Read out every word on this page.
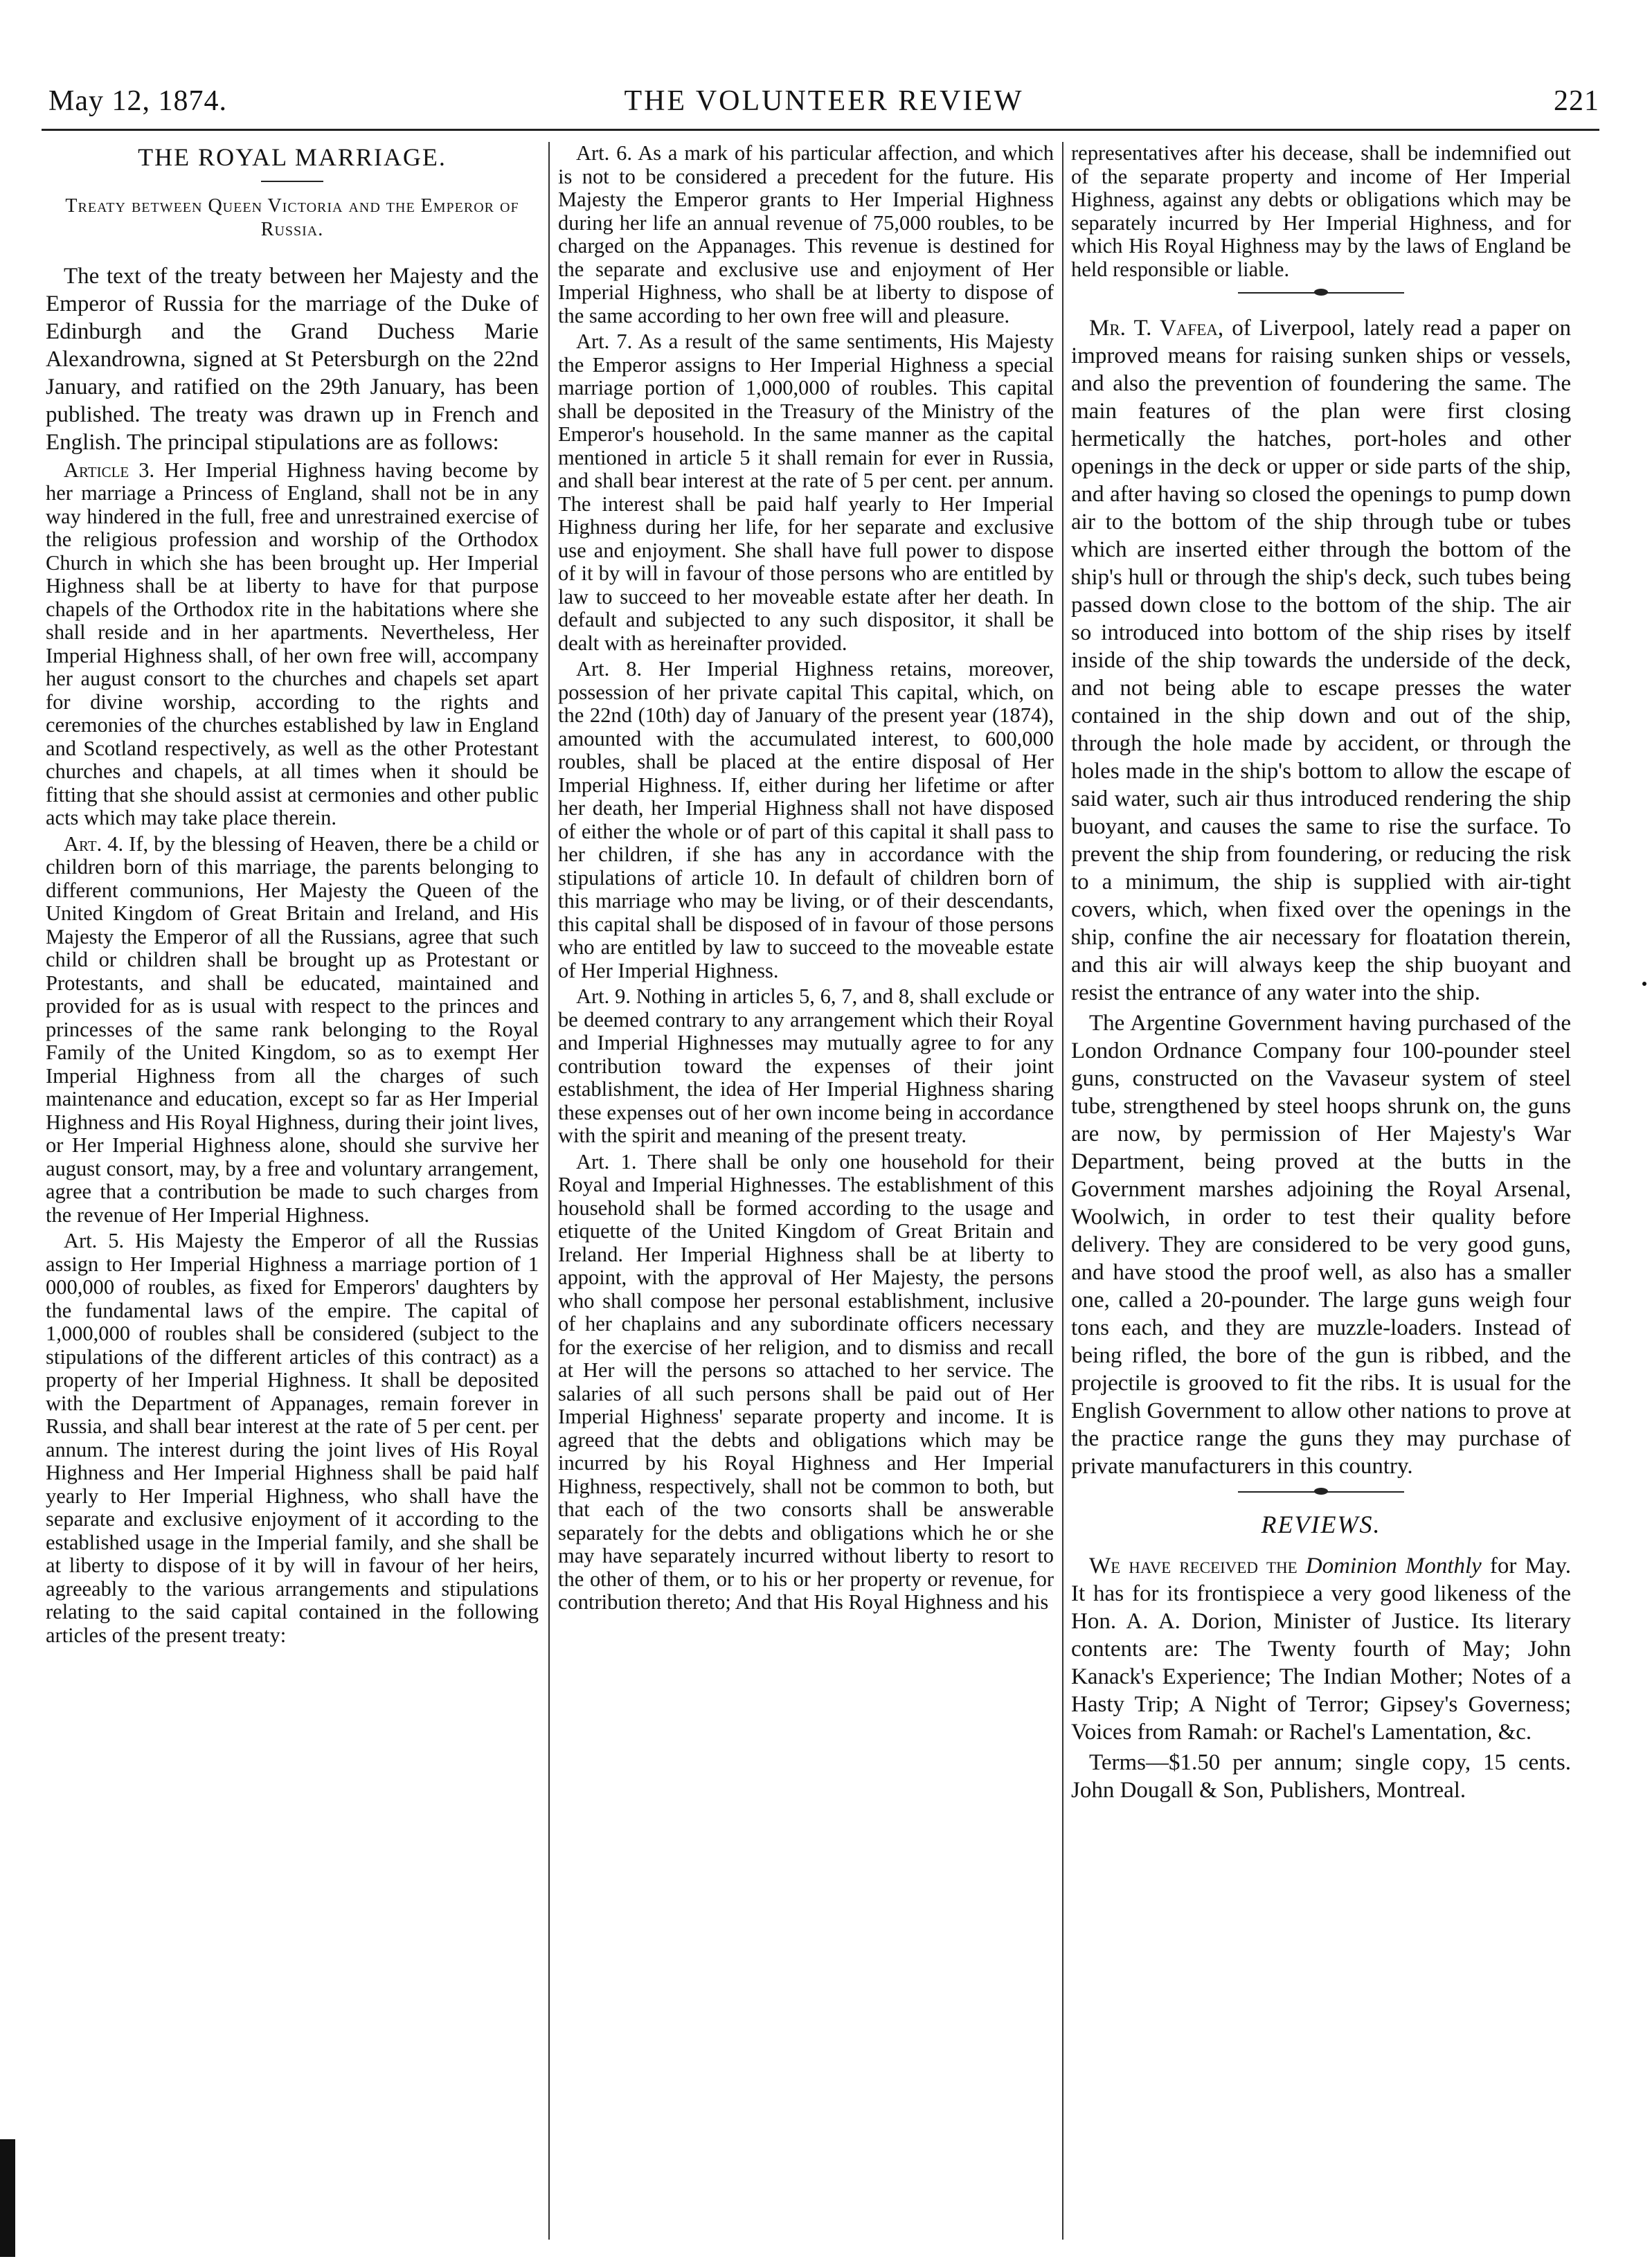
May 12, 1874.	THE VOLUNTEER REVIEW	221

THE ROYAL MARRIAGE.

Treaty between Queen Victoria and the Emperor of Russia.

The text of the treaty between her Majesty and the Emperor of Russia for the marriage of the Duke of Edinburgh and the Grand Duchess Marie Alexandrowna, signed at St Petersburgh on the 22nd January, and ratified on the 29th January, has been published. The treaty was drawn up in French and English. The principal stipulations are as follows:

Article 3. Her Imperial Highness having become by her marriage a Princess of England, shall not be in any way hindered in the full, free and unrestrained exercise of the religious profession and worship of the Orthodox Church in which she has been brought up. Her Imperial Highness shall be at liberty to have for that purpose chapels of the Orthodox rite in the habitations where she shall reside and in her apartments. Nevertheless, Her Imperial Highness shall, of her own free will, accompany her august consort to the churches and chapels set apart for divine worship, according to the rights and ceremonies of the churches established by law in England and Scotland respectively, as well as the other Protestant churches and chapels, at all times when it should be fitting that she should assist at cermonies and other public acts which may take place therein.

Art. 4. If, by the blessing of Heaven, there be a child or children born of this marriage, the parents belonging to different communions, Her Majesty the Queen of the United Kingdom of Great Britain and Ireland, and His Majesty the Emperor of all the Russians, agree that such child or children shall be brought up as Protestant or Protestants, and shall be educated, maintained and provided for as is usual with respect to the princes and princesses of the same rank belonging to the Royal Family of the United Kingdom, so as to exempt Her Imperial Highness from all the charges of such maintenance and education, except so far as Her Imperial Highness and His Royal Highness, during their joint lives, or Her Imperial Highness alone, should she survive her august consort, may, by a free and voluntary arrangement, agree that a contribution be made to such charges from the revenue of Her Imperial Highness.

Art. 5. His Majesty the Emperor of all the Russias assign to Her Imperial Highness a marriage portion of 1 000,000 of roubles, as fixed for Emperors' daughters by the fundamental laws of the empire. The capital of 1,000,000 of roubles shall be considered (subject to the stipulations of the different articles of this contract) as a property of her Imperial Highness. It shall be deposited with the Department of Appanages, remain forever in Russia, and shall bear interest at the rate of 5 per cent. per annum. The interest during the joint lives of His Royal Highness and Her Imperial Highness shall be paid half yearly to Her Imperial Highness, who shall have the separate and exclusive enjoyment of it according to the established usage in the Imperial family, and she shall be at liberty to dispose of it by will in favour of her heirs, agreeably to the various arrangements and stipulations relating to the said capital contained in the following articles of the present treaty:

Art. 6. As a mark of his particular affection, and which is not to be considered a precedent for the future. His Majesty the Emperor grants to Her Imperial Highness during her life an annual revenue of 75,000 roubles, to be charged on the Appanages. This revenue is destined for the separate and exclusive use and enjoyment of Her Imperial Highness, who shall be at liberty to dispose of the same according to her own free will and pleasure.

Art. 7. As a result of the same sentiments, His Majesty the Emperor assigns to Her Imperial Highness a special marriage portion of 1,000,000 of roubles. This capital shall be deposited in the Treasury of the Ministry of the Emperor's household. In the same manner as the capital mentioned in article 5 it shall remain for ever in Russia, and shall bear interest at the rate of 5 per cent. per annum. The interest shall be paid half yearly to Her Imperial Highness during her life, for her separate and exclusive use and enjoyment. She shall have full power to dispose of it by will in favour of those persons who are entitled by law to succeed to her moveable estate after her death. In default and subjected to any such dispositor, it shall be dealt with as hereinafter provided.

Art. 8. Her Imperial Highness retains, moreover, possession of her private capital This capital, which, on the 22nd (10th) day of January of the present year (1874), amounted with the accumulated interest, to 600,000 roubles, shall be placed at the entire disposal of Her Imperial Highness. If, either during her lifetime or after her death, her Imperial Highness shall not have disposed of either the whole or of part of this capital it shall pass to her children, if she has any in accordance with the stipulations of article 10. In default of children born of this marriage who may be living, or of their descendants, this capital shall be disposed of in favour of those persons who are entitled by law to succeed to the moveable estate of Her Imperial Highness.

Art. 9. Nothing in articles 5, 6, 7, and 8, shall exclude or be deemed contrary to any arrangement which their Royal and Imperial Highnesses may mutually agree to for any contribution toward the expenses of their joint establishment, the idea of Her Imperial Highness sharing these expenses out of her own income being in accordance with the spirit and meaning of the present treaty.

Art. 1. There shall be only one household for their Royal and Imperial Highnesses. The establishment of this household shall be formed according to the usage and etiquette of the United Kingdom of Great Britain and Ireland. Her Imperial Highness shall be at liberty to appoint, with the approval of Her Majesty, the persons who shall compose her personal establishment, inclusive of her chaplains and any subordinate officers necessary for the exercise of her religion, and to dismiss and recall at Her will the persons so attached to her service. The salaries of all such persons shall be paid out of Her Imperial Highness' separate property and income. It is agreed that the debts and obligations which may be incurred by his Royal Highness and Her Imperial Highness, respectively, shall not be common to both, but that each of the two consorts shall be answerable separately for the debts and obligations which he or she may have separately incurred without liberty to resort to the other of them, or to his or her property or revenue, for contribution thereto; And that His Royal Highness and his

representatives after his decease, shall be indemnified out of the separate property and income of Her Imperial Highness, against any debts or obligations which may be separately incurred by Her Imperial Highness, and for which His Royal Highness may by the laws of England be held responsible or liable.

Mr. T. Vafea, of Liverpool, lately read a paper on improved means for raising sunken ships or vessels, and also the prevention of foundering the same. The main features of the plan were first closing hermetically the hatches, port-holes and other openings in the deck or upper or side parts of the ship, and after having so closed the openings to pump down air to the bottom of the ship through tube or tubes which are inserted either through the bottom of the ship's hull or through the ship's deck, such tubes being passed down close to the bottom of the ship. The air so introduced into bottom of the ship rises by itself inside of the ship towards the underside of the deck, and not being able to escape presses the water contained in the ship down and out of the ship, through the hole made by accident, or through the holes made in the ship's bottom to allow the escape of said water, such air thus introduced rendering the ship buoyant, and causes the same to rise the surface. To prevent the ship from foundering, or reducing the risk to a minimum, the ship is supplied with air-tight covers, which, when fixed over the openings in the ship, confine the air necessary for floatation therein, and this air will always keep the ship buoyant and resist the entrance of any water into the ship.

The Argentine Government having purchased of the London Ordnance Company four 100-pounder steel guns, constructed on the Vavaseur system of steel tube, strengthened by steel hoops shrunk on, the guns are now, by permission of Her Majesty's War Department, being proved at the butts in the Government marshes adjoining the Royal Arsenal, Woolwich, in order to test their quality before delivery. They are considered to be very good guns, and have stood the proof well, as also has a smaller one, called a 20-pounder. The large guns weigh four tons each, and they are muzzle-loaders. Instead of being rifled, the bore of the gun is ribbed, and the projectile is grooved to fit the ribs. It is usual for the English Government to allow other nations to prove at the practice range the guns they may purchase of private manufacturers in this country.

REVIEWS.

We have received the Dominion Monthly for May. It has for its frontispiece a very good likeness of the Hon. A. A. Dorion, Minister of Justice. Its literary contents are: The Twenty fourth of May; John Kanack's Experience; The Indian Mother; Notes of a Hasty Trip; A Night of Terror; Gipsey's Governess; Voices from Ramah: or Rachel's Lamentation, &c.

Terms—$1.50 per annum; single copy, 15 cents. John Dougall & Son, Publishers, Montreal.
